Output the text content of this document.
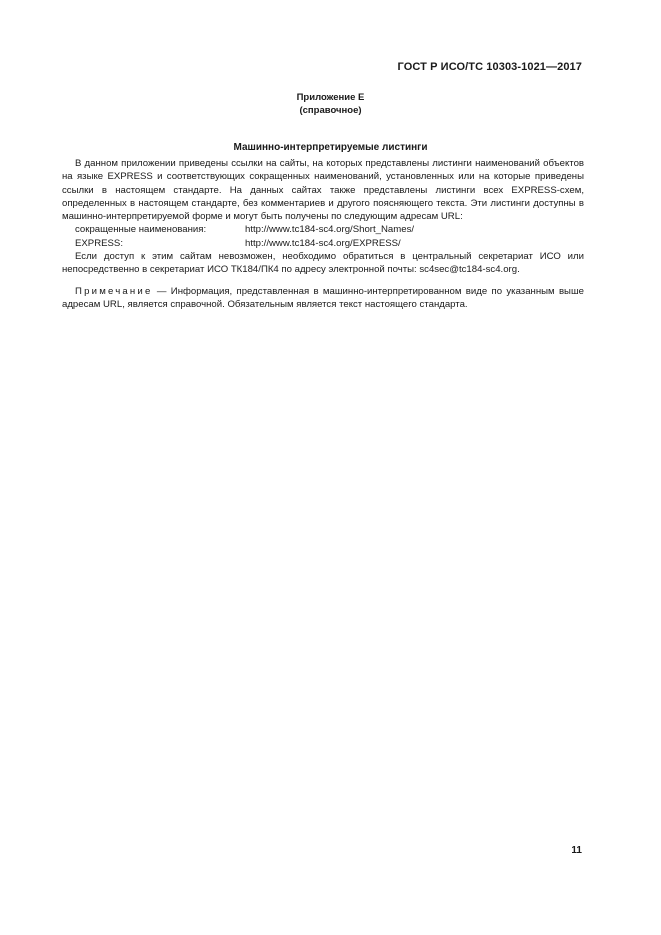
ГОСТ Р ИСО/ТС 10303-1021—2017
Приложение Е
(справочное)
Машинно-интерпретируемые листинги

В данном приложении приведены ссылки на сайты, на которых представлены листинги наименований объектов на языке EXPRESS и соответствующих сокращенных наименований, установленных или на которые приведены ссылки в настоящем стандарте. На данных сайтах также представлены листинги всех EXPRESS-схем, определенных в настоящем стандарте, без комментариев и другого поясняющего текста. Эти листинги доступны в машинно-интерпретируемой форме и могут быть получены по следующим адресам URL:

сокращенные наименования:	http://www.tc184-sc4.org/Short_Names/
EXPRESS:	http://www.tc184-sc4.org/EXPRESS/

Если доступ к этим сайтам невозможен, необходимо обратиться в центральный секретариат ИСО или непосредственно в секретариат ИСО ТК184/ПК4 по адресу электронной почты: sc4sec@tc184-sc4.org.

Примечание — Информация, представленная в машинно-интерпретированном виде по указанным выше адресам URL, является справочной. Обязательным является текст настоящего стандарта.

11
